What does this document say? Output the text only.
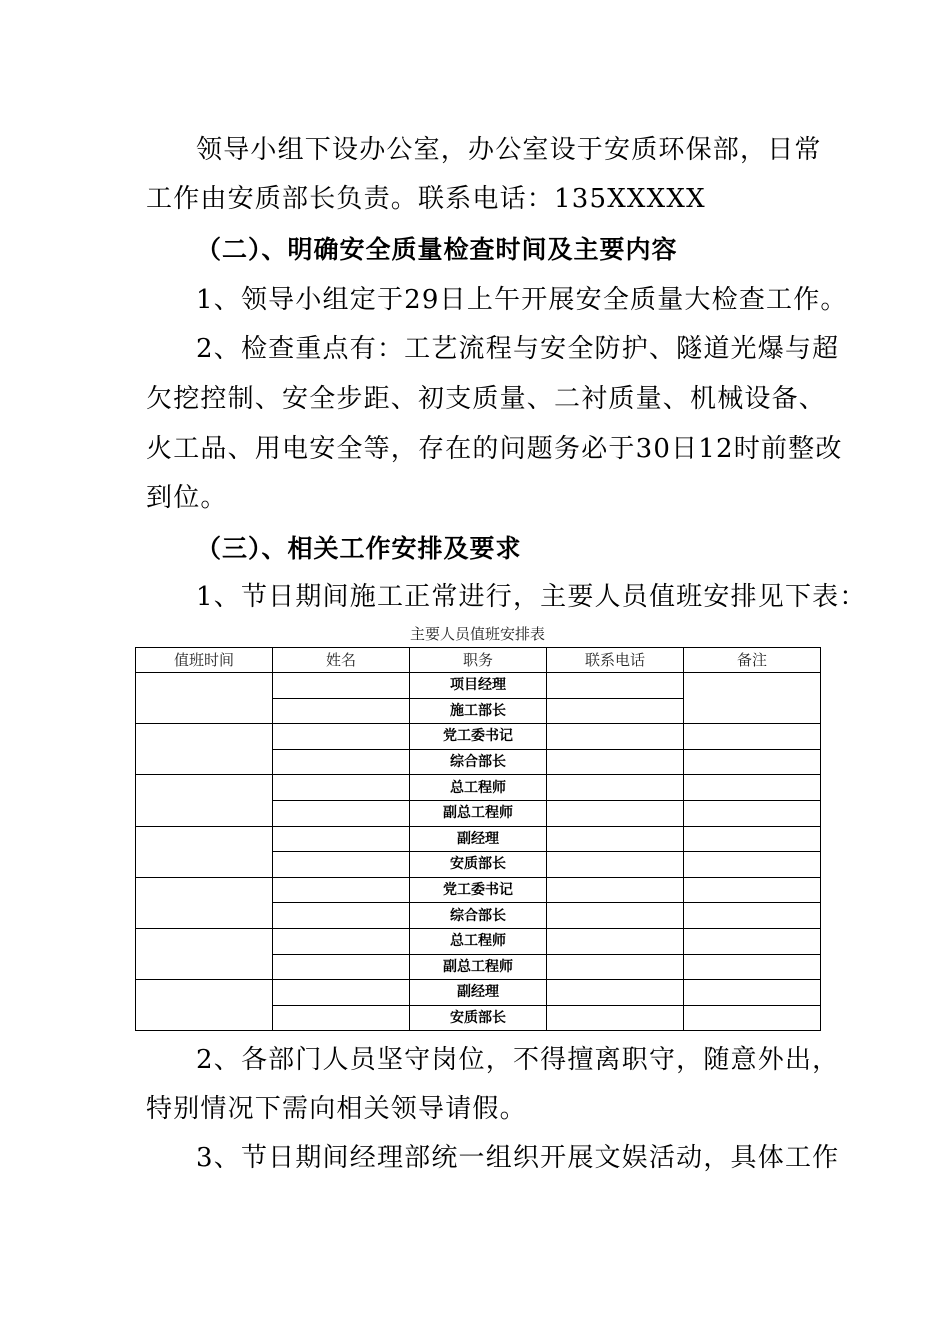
领导小组下设办公室，办公室设于安质环保部，日常
工作由安质部长负责。联系电话：135XXXXX
（二）、明确安全质量检查时间及主要内容
1、领导小组定于29日上午开展安全质量大检查工作。
2、检查重点有：工艺流程与安全防护、隧道光爆与超
欠挖控制、安全步距、初支质量、二衬质量、机械设备、
火工品、用电安全等，存在的问题务必于30日12时前整改
到位。
（三）、相关工作安排及要求
1、节日期间施工正常进行，主要人员值班安排见下表：
主要人员值班安排表
值班时间	姓名	职务	联系电话	备注
		项目经理		
		施工部长		
		党工委书记		
		综合部长		
		总工程师		
		副总工程师		
		副经理		
		安质部长		
		党工委书记		
		综合部长		
		总工程师		
		副总工程师		
		副经理		
		安质部长		
2、各部门人员坚守岗位，不得擅离职守，随意外出，
特别情况下需向相关领导请假。
3、节日期间经理部统一组织开展文娱活动，具体工作
